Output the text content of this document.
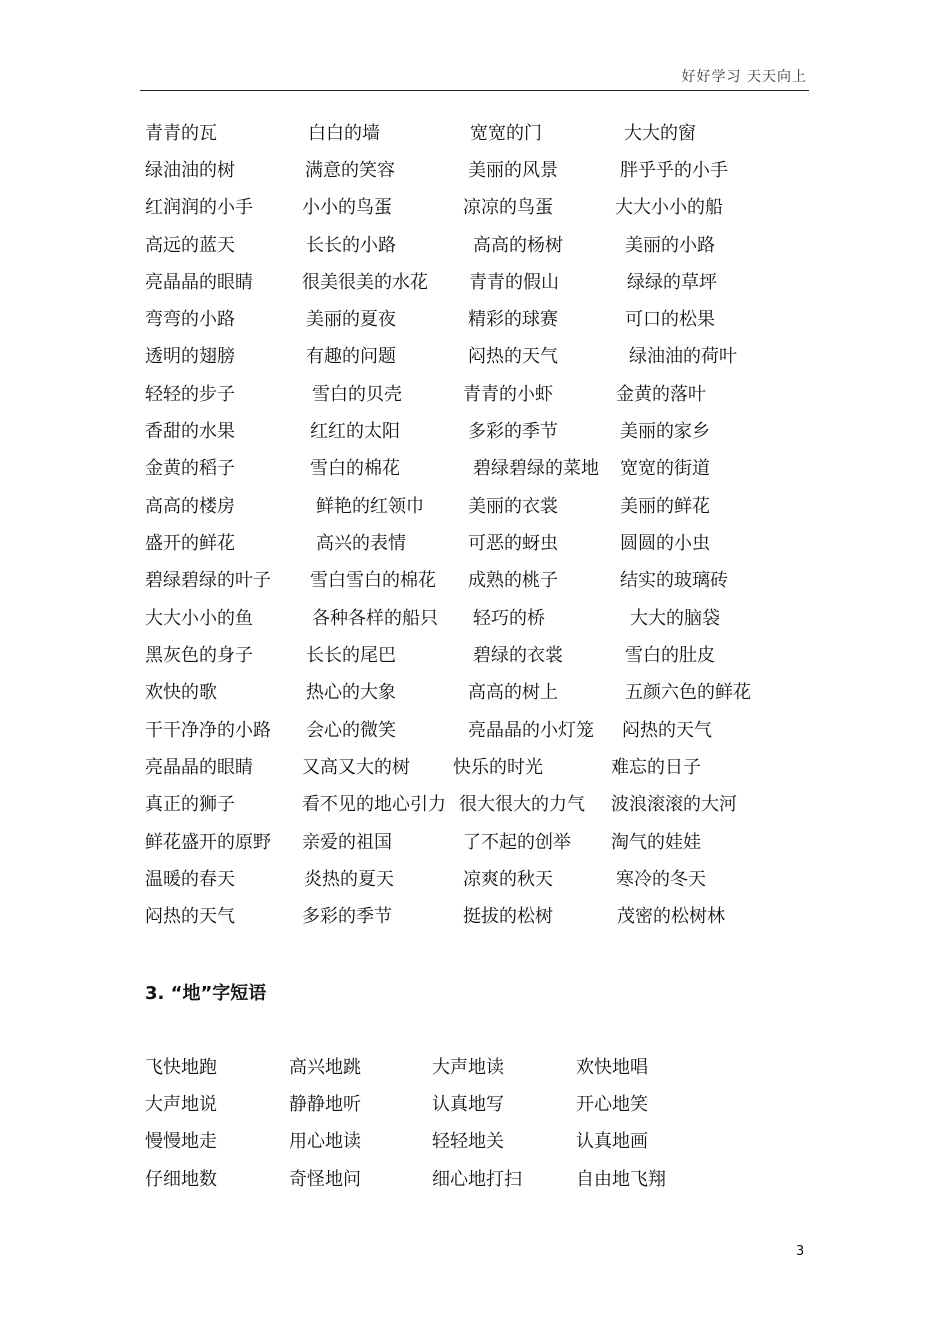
好好学习 天天向上
青青的瓦	白白的墙	宽宽的门	大大的窗
绿油油的树	满意的笑容	美丽的风景	胖乎乎的小手
红润润的小手	小小的鸟蛋	凉凉的鸟蛋	大大小小的船
高远的蓝天	长长的小路	高高的杨树	美丽的小路
亮晶晶的眼睛	很美很美的水花 青青的假山	绿绿的草坪
弯弯的小路	美丽的夏夜	精彩的球赛	可口的松果
透明的翅膀	有趣的问题	闷热的天气	绿油油的荷叶
轻轻的步子	雪白的贝壳	青青的小虾	金黄的落叶
香甜的水果	红红的太阳	多彩的季节	美丽的家乡
金黄的稻子	雪白的棉花	碧绿碧绿的菜地 宽宽的街道
高高的楼房	鲜艳的红领巾 美丽的衣裳	美丽的鲜花
盛开的鲜花	高兴的表情	可恶的蚜虫	圆圆的小虫
碧绿碧绿的叶子 雪白雪白的棉花 成熟的桃子	结实的玻璃砖
大大小小的鱼	各种各样的船只 轻巧的桥	大大的脑袋
黑灰色的身子	长长的尾巴	碧绿的衣裳	雪白的肚皮
欢快的歌	热心的大象	高高的树上	五颜六色的鲜花
干干净净的小路 会心的微笑	亮晶晶的小灯笼 闷热的天气
亮晶晶的眼睛	又高又大的树 快乐的时光	难忘的日子
真正的狮子	看不见的地心引力 很大很大的力气 波浪滚滚的大河
鲜花盛开的原野 亲爱的祖国	了不起的创举 淘气的娃娃
温暖的春天	炎热的夏天	凉爽的秋天	寒冷的冬天
闷热的天气	多彩的季节	挺拔的松树	茂密的松树林
3. “地”字短语
飞快地跑	高兴地跳	大声地读	欢快地唱
大声地说	静静地听	认真地写	开心地笑
慢慢地走	用心地读	轻轻地关	认真地画
仔细地数	奇怪地问	细心地打扫	自由地飞翔
3
